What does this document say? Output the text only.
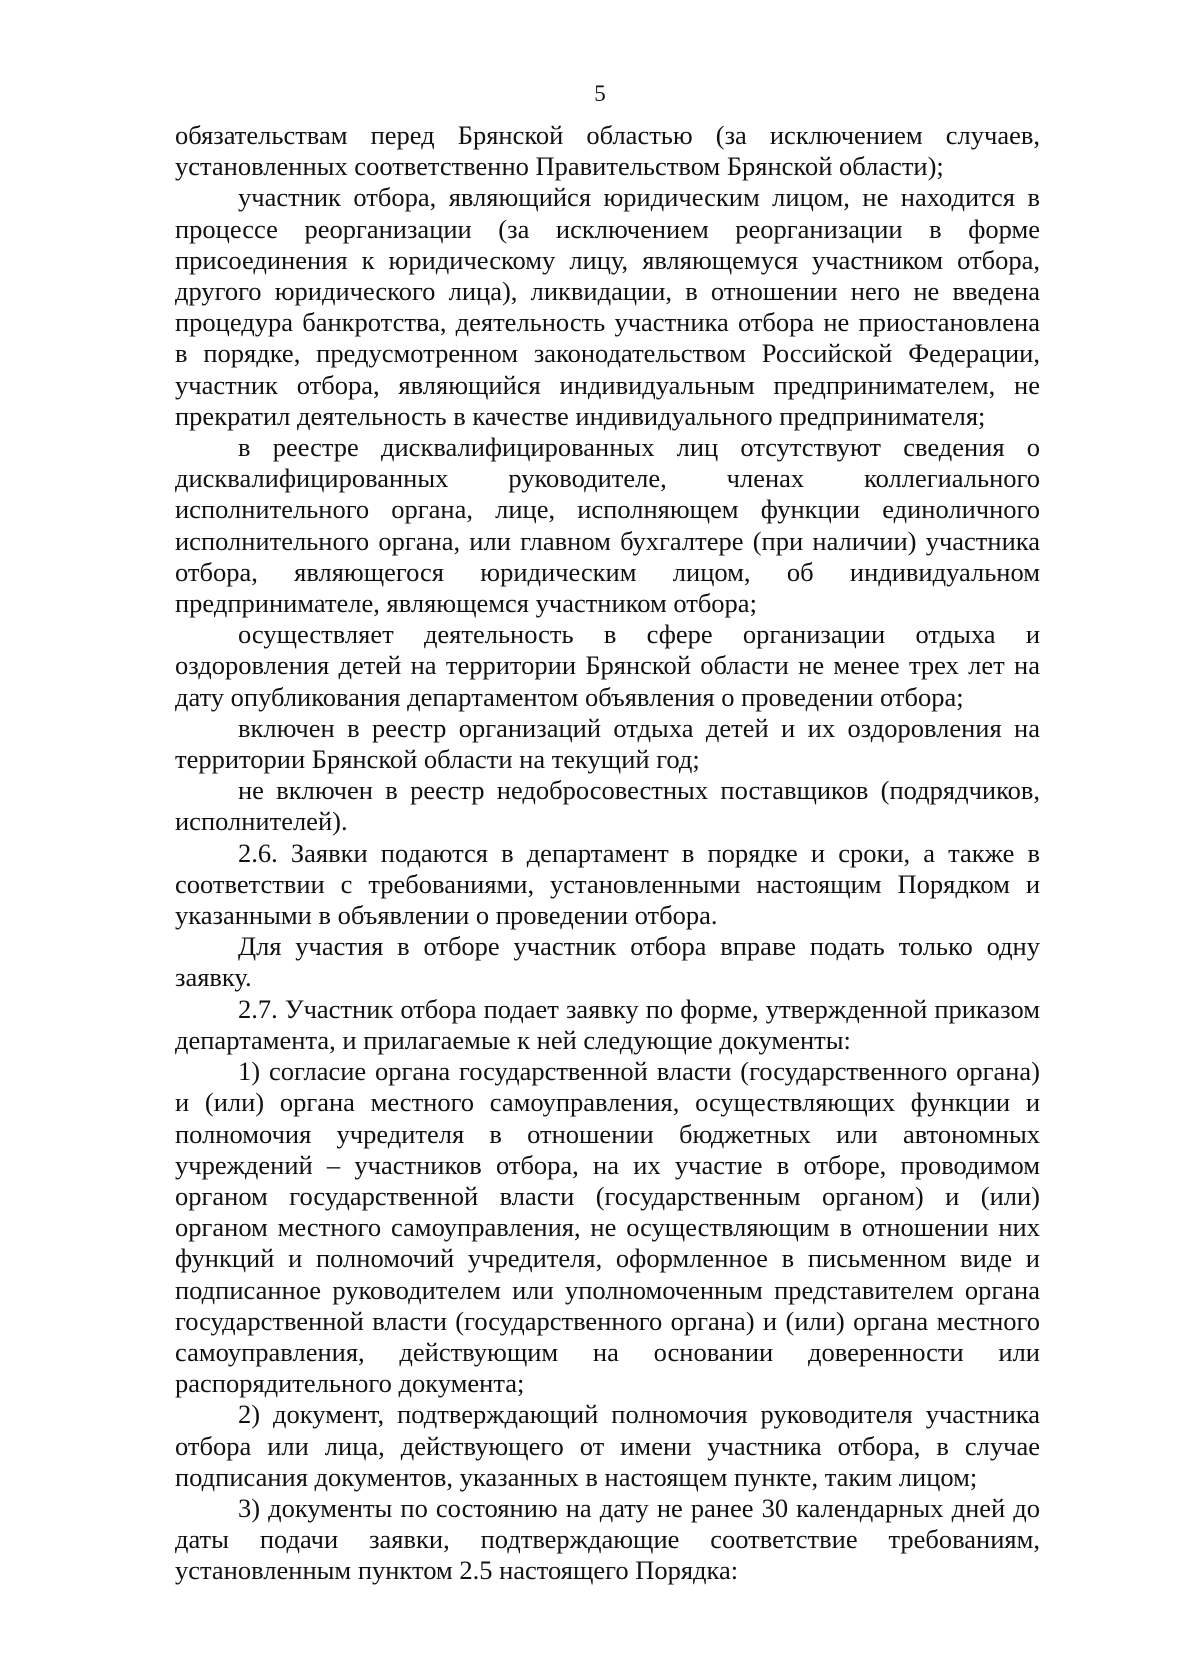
5

обязательствам перед Брянской областью (за исключением случаев, установленных соответственно Правительством Брянской области);

участник отбора, являющийся юридическим лицом, не находится в процессе реорганизации (за исключением реорганизации в форме присоединения к юридическому лицу, являющемуся участником отбора, другого юридического лица), ликвидации, в отношении него не введена процедура банкротства, деятельность участника отбора не приостановлена в порядке, предусмотренном законодательством Российской Федерации, участник отбора, являющийся индивидуальным предпринимателем, не прекратил деятельность в качестве индивидуального предпринимателя;

в реестре дисквалифицированных лиц отсутствуют сведения о дисквалифицированных руководителе, членах коллегиального исполнительного органа, лице, исполняющем функции единоличного исполнительного органа, или главном бухгалтере (при наличии) участника отбора, являющегося юридическим лицом, об индивидуальном предпринимателе, являющемся участником отбора;

осуществляет деятельность в сфере организации отдыха и оздоровления детей на территории Брянской области не менее трех лет на дату опубликования департаментом объявления о проведении отбора;

включен в реестр организаций отдыха детей и их оздоровления на территории Брянской области на текущий год;

не включен в реестр недобросовестных поставщиков (подрядчиков, исполнителей).

2.6. Заявки подаются в департамент в порядке и сроки, а также в соответствии с требованиями, установленными настоящим Порядком и указанными в объявлении о проведении отбора.

Для участия в отборе участник отбора вправе подать только одну заявку.

2.7. Участник отбора подает заявку по форме, утвержденной приказом департамента, и прилагаемые к ней следующие документы:

1) согласие органа государственной власти (государственного органа) и (или) органа местного самоуправления, осуществляющих функции и полномочия учредителя в отношении бюджетных или автономных учреждений – участников отбора, на их участие в отборе, проводимом органом государственной власти (государственным органом) и (или) органом местного самоуправления, не осуществляющим в отношении них функций и полномочий учредителя, оформленное в письменном виде и подписанное руководителем или уполномоченным представителем органа государственной власти (государственного органа) и (или) органа местного самоуправления, действующим на основании доверенности или распорядительного документа;

2) документ, подтверждающий полномочия руководителя участника отбора или лица, действующего от имени участника отбора, в случае подписания документов, указанных в настоящем пункте, таким лицом;

3) документы по состоянию на дату не ранее 30 календарных дней до даты подачи заявки, подтверждающие соответствие требованиям, установленным пунктом 2.5 настоящего Порядка:
